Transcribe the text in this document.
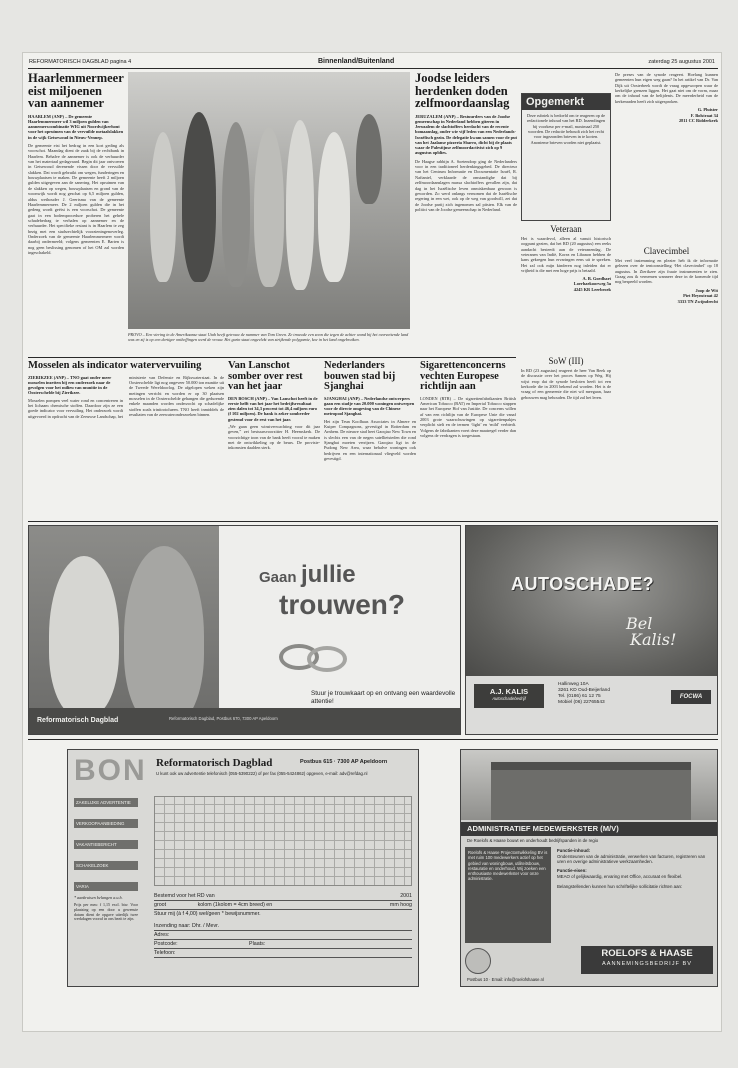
REFORMATORISCH DAGBLAD pagina 4	Binnenland/Buitenland	zaterdag 25 augustus 2001
Haarlemmermeer eist miljoenen van aannemer

HAARLEM (ANP) – De gemeente Haarlemmermeer wil 3 miljoen gulden van aannemerscombinatie WIG uit Noordwijkerhout voor het opruimen van de vervuilde metaalslakken in de wijk Getsewoud in Nieuw-Vennep.

De gemeente eist het bedrag in een kort geding als voorschot. Maandag dient de zaak bij de rechtbank in Haarlem. Behalve de aannemer is ook de verhuurder van het materiaal gedagvaard. Begin dit jaar ontvoeren in Getsewoud derenende vissen door de vervuilde slakken. Dat wordt gebruikt om wegen, funderingen en bouwplaatsen te maken. De gemeente heeft 2 miljoen gulden uitgegeven aan de sanering. Het opruimen van de slakken op wegen, bouwplaatsen en grond van de woonwijk wordt nog geschat op 6,5 miljoen gulden, aldus wethouder J. Geertsma van de gemeente Haarlemmermeer. De 2 miljoen gulden die in het gedeng wordt geëist is een voorschot. De gemeente gaat in een bodemprocedure proberen het gehele schadebedrag te verhalen op aannemer en de verhuurder. Het specifieke restant is in Haarlem te zeg bezig met een stadsrechtelijk voorzieningenoverleg. Onderzoek van de gemeente Haarlemmermeer wordt daarbij ondermeeld; volgens gemeenten E. Barten is nog geen beslissing genomen of het OM zal worden ingeschakeld.

PROVO – Een viering in de Amerikaanse staat Utah heeft getrouw de nummer van Tom Green. Ze trouwde een zoon die tegen de achter wand bij het overzettende land was en zij is op een dertiger ontheffingen werd de vrouw. Het gezin staat ongevlekt van strijkende polygamie, koe in het land ongebruiken.
Joodse leiders herdenken doden zelfmoordaanslag

JERUZALEM (ANP) – Bestuurders van de Joodse gemeenschap in Nederland hebben giteren in Jeruzalem de slachtoffers herdacht van de recente bomaanslag, onder wie vijf leden van een Nederlands-Israëlisch gezin. De delegatie kwam samen voor de put van het Jaalanse pizzeria Sbarro, dicht bij de plaats waar de Palestijnse zelfmoordactivist zich op 9 augustus opblies.

De Haagse rabbijn A. Soetendorp ging de Nederlanders voor in een traditioneel herdenkingsgebed. De directeur van het Centrum Informatie en Documentatie Israël, R. Naftaniel, verklaarde de omstandighe dat bij zelfmoordaanslagen massa slachtoffers gevallen zijn, dat dag in het Israëlische leven onmiskenbaar gewoon is geworden. Zo werd onlangs vernomen dat de Israëlische regering in een wet, ook op de weg van goodwill, zei dat de Joodse partij zich ingenomen zal pitsten. Elk van de politici van de Joodse gemeenschap in Nederland.

Opgemerkt

Deze rubriek is bedoeld om te reageren op de redactionele inhoud van het RD. Inzendingen bij voorkeur per e-mail, maximaal 250 woorden. De redactie behoudt zich het recht voor ingezonden brieven in te korten. Anonieme brieven worden niet geplaatst.

Veteraan

Het is waardevol, alleen al vanuit historisch oogpunt gezien, dat het RD (20 augustus) een reeks aandacht besteedt aan de veteranendag. De veteranen van Indië, Korea en Libanon hebben de kans gekregen hun ervaringen eens uit te spreken. Het zal ook mijn kinderen nog inleiden dat er vrijheid is die met een hoge prijs is betaald.

A. B. Goedhart
Loerhaekoorweg 5a
4245 KR Leerbroek

De preses van de synode reageert. Hoelang kunnen gemeenten hun eigen weg gaan? In het artikel van Dr. Van Dijk uit Oosterbeek wordt de vraag opgeworpen waar de kerkelijke grenzen liggen. Het gaat niet om de vorm, maar om de inhoud van de belijdenis. De meerderheid van de kerkenraden heeft zich uitgesproken.

G. Pluister
F. Bolstraat 34
2811 CC Ridderkerk

Clavecimbel

Met veel instemming en plezier heb ik de informatie gelezen over de tentoonstelling ‘Het clavecimbel’ op 18 augustus. In Zierikzee zijn fraaie instrumenten te zien. Graag zou ik vernemen wanneer deze in de komende tijd nog bespeeld worden.

Joop de Wit
Piet Heynstraat 42
3333 TN Zwijndrecht

SoW (III)

In RD (23 augustus) reageert de heer Van Beek op de discussie over het proces Samen op Weg. Hij wijst erop dat de synode besloten heeft tot een kerkorde die in 2003 bekend zal worden. Het is de vraag of een gemeente die niet wil meegaan, haar gebouwen mag behouden. De tijd zal het leren.

Mosselen als indicator watervervuiling

ZIERIKZEE (ANP) – TNO gaat onder meer mosselen inzetten bij een onderzoek naar de gevolgen voor het milieu van munitie in de Oosterschelde bij Zierikzee.

Mosselen pompen veel water rond en concentreren in het lichaam chemische stoffen. Daardoor zijn ze een goede indicator voor vervuiling. Het onderzoek wordt uitgevoerd in opdracht van de Zeeuwse Landschap, het ministerie van Defensie en Rijkswaterstaat. In de Oosterschelde ligt nog ongeveer 50.000 ton munitie uit de Tweede Wereldoorlog. De afgelopen weken zijn metingen verricht en worden er op 30 plaatsen mosselen in de Oosterschelde gehangen die gedurende enkele maanden worden onderzocht op schadelijke stoffen zoals trinitrotolueen. TNO heeft inmiddels de resultaten van de zeewateronderzoeken binnen.

Van Lanschot somber over rest van het jaar

DEN BOSCH (ANP) – Van Lanschot heeft in de eerste helft van het jaar het bedrijfsresultaat zien dalen tot 34,3 procent tot 46,4 miljoen euro (f 102 miljoen). De bank is zeker somberder gestemd voor de rest van het jaar.

„We gaan geen winstverwachting voor dit jaar geven,” zei bestuursvoorzitter H. Heemskerk. De voorzichtige toon van de bank heeft vooral te maken met de ontwikkeling op de beurs. De provisie-inkomsten daalden sterk.

Nederlanders bouwen stad bij Sjanghai

SJANGHAI (ANP) – Nederlandse ontwerpers gaan een stadje van 20.000 woningen ontwerpen voor de directe omgeving van de Chinese metropool Sjanghai.

Het zijn Teun Koolhaas Associates in Almere en Kuiper Compagnons, gevestigd in Rotterdam en Arnhem. De nieuwe stad heet Gaoqiao New Town en is slechts een van de negen satellietsteden die rond Sjanghai moeten verrijzen. Gaoqiao ligt in de Pudong New Area, waar behalve woningen ook bedrijven en een internationaal vliegveld worden gevestigd.

Sigarettenconcerns vechten Europese richtlijn aan

LONDEN (RTR) – De sigarettenfabrikanten British American Tobacco (BAT) en Imperial Tobacco stappen naar het Europese Hof van Justitie. De concerns willen af van een richtlijn van de Europese Unie die vanaf 2003 grote waarschuwingen op sigarettenpakjes verplicht stelt en de termen ‘light’ en ‘mild’ verbiedt. Volgens de fabrikanten voert deze maatregel verder dan volgens de verdragen is toegestaan.

Gaan jullie
trouwen?
Reformatorisch Dagblad	Reformatorisch Dagblad, Postbus 670, 7300 AP Apeldoorn
Stuur je trouwkaart op en ontvang een waardevolle attentie!
AUTOSCHADE?
Bel
Kalis!
A.J. KALIS
Autoschadebedrijf
Hallinweg 10A
3261 KD Oud-Beijerland
Tel. (0186) 61 12 75
Mobiel (06) 22765543
FOCWA
BON Reformatorisch Dagblad	Postbus 615 · 7300 AP Apeldoorn
U kunt ook uw advertentie telefonisch (055-5390222) of per fax (055-5424862) opgeven, e-mail: adv@refdag.nl
ZAKELIJKE ADVERTENTIE
VERKOOPAANBIEDING
VAKANTIEBERICHT
SCHAKELZOEK
VARIA
* aankruisen belangen a.u.b.
Prijs per mm: f 1,15 excl. btw. Voor plaatsing op een door u gewenste datum dient de opgave uiterlijk twee werkdagen vooraf in ons bezit te zijn.
Bestemd voor het RD van	2001
groot	kolom (1kolom = 4cm breed) en	mm hoog
Stuur mij (à f 4,00) wel/geen * bewijsnummer.
Inzending naar: Dhr. / Mevr.
Adres:
Postcode:	Plaats:
Telefoon:
ADMINISTRATIEF MEDEWERKSTER (M/V)
De Roelofs & Haase bouwt en onderhoudt bedrijfspanden in de regio
Roelofs & Haase Projectontwikkeling BV is met ruim 100 medewerkers actief op het gebied van woningbouw, utiliteitsbouw, restauratie en onderhoud. Wij zoeken een enthousiaste medewerkster voor onze administratie.
Functie-inhoud:
Ondersteunen van de administratie, verwerken van facturen, registreren van uren en overige administratieve werkzaamheden.
Functie-eisen:
MEAO of gelijkwaardig, ervaring met Office, accuraat en flexibel.
Belangstellenden kunnen hun schriftelijke sollicitatie richten aan:
ROELOFS & HAASE
AANNEMINGSBEDRIJF BV
Postbus 10 · Email: info@roelofshaase.nl
